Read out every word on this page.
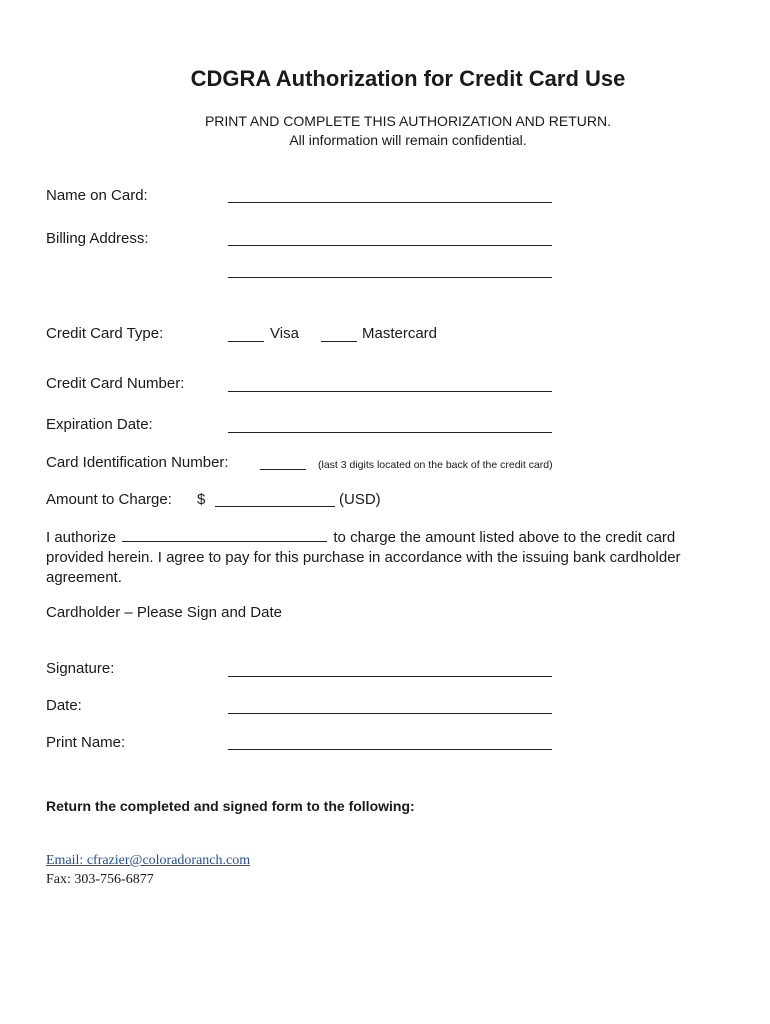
CDGRA Authorization for Credit Card Use
PRINT AND COMPLETE THIS AUTHORIZATION AND RETURN.
All information will remain confidential.
Name on Card:
Billing Address:
Credit Card Type:	Visa	Mastercard
Credit Card Number:
Expiration Date:
Card Identification Number:	(last 3 digits located on the back of the credit card)
Amount to Charge: $	(USD)
I authorize	to charge the amount listed above to the credit card provided herein. I agree to pay for this purchase in accordance with the issuing bank cardholder agreement.
Cardholder – Please Sign and Date
Signature:
Date:
Print Name:
Return the completed and signed form to the following:
Email: cfrazier@coloradoranch.com
Fax: 303-756-6877
